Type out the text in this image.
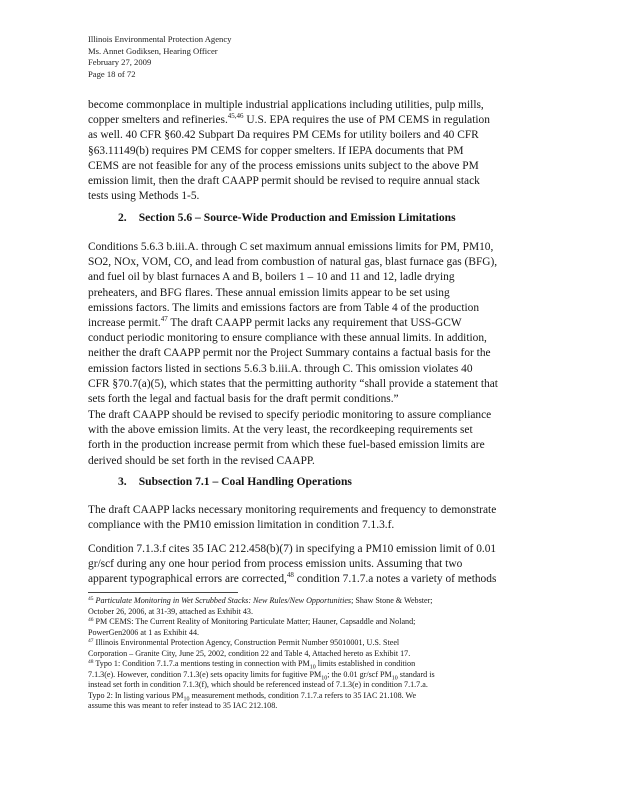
Illinois Environmental Protection Agency
Ms. Annet Godiksen, Hearing Officer
February 27, 2009
Page 18 of 72
become commonplace in multiple industrial applications including utilities, pulp mills,
copper smelters and refineries.$^{45,46}$ U.S. EPA requires the use of PM CEMS in regulation
as well. 40 CFR §60.42 Subpart Da requires PM CEMs for utility boilers and 40 CFR
§63.11149(b) requires PM CEMS for copper smelters. If IEPA documents that PM
CEMS are not feasible for any of the process emissions units subject to the above PM
emission limit, then the draft CAAPP permit should be revised to require annual stack
tests using Methods 1-5.
2. Section 5.6 – Source-Wide Production and Emission Limitations
Conditions 5.6.3 b.iii.A. through C set maximum annual emissions limits for PM, PM10,
SO2, NOx, VOM, CO, and lead from combustion of natural gas, blast furnace gas (BFG),
and fuel oil by blast furnaces A and B, boilers 1 – 10 and 11 and 12, ladle drying
preheaters, and BFG flares. These annual emission limits appear to be set using
emissions factors. The limits and emissions factors are from Table 4 of the production
increase permit.$^{47}$ The draft CAAPP permit lacks any requirement that USS-GCW
conduct periodic monitoring to ensure compliance with these annual limits. In addition,
neither the draft CAAPP permit nor the Project Summary contains a factual basis for the
emission factors listed in sections 5.6.3 b.iii.A. through C. This omission violates 40
CFR §70.7(a)(5), which states that the permitting authority “shall provide a statement that
sets forth the legal and factual basis for the draft permit conditions.”
The draft CAAPP should be revised to specify periodic monitoring to assure compliance
with the above emission limits. At the very least, the recordkeeping requirements set
forth in the production increase permit from which these fuel-based emission limits are
derived should be set forth in the revised CAAPP.
3. Subsection 7.1 – Coal Handling Operations
The draft CAAPP lacks necessary monitoring requirements and frequency to demonstrate
compliance with the PM10 emission limitation in condition 7.1.3.f.
Condition 7.1.3.f cites 35 IAC 212.458(b)(7) in specifying a PM10 emission limit of 0.01
gr/scf during any one hour period from process emission units. Assuming that two
apparent typographical errors are corrected,$^{48}$ condition 7.1.7.a notes a variety of methods
$^{45}$ Particulate Monitoring in Wet Scrubbed Stacks: New Rules/New Opportunities; Shaw Stone & Webster;
October 26, 2006, at 31-39, attached as Exhibit 43.
$^{46}$ PM CEMS: The Current Reality of Monitoring Particulate Matter; Hauner, Capsaddle and Noland;
PowerGen2006 at 1 as Exhibit 44.
$^{47}$ Illinois Environmental Protection Agency, Construction Permit Number 95010001, U.S. Steel
Corporation – Granite City, June 25, 2002, condition 22 and Table 4, Attached hereto as Exhibit 17.
$^{48}$ Typo 1: Condition 7.1.7.a mentions testing in connection with $PM_{10}$ limits established in condition
7.1.3(e). However, condition 7.1.3(e) sets opacity limits for fugitive $PM_{10}$; the 0.01 gr/scf $PM_{10}$ standard is
instead set forth in condition 7.1.3(f), which should be referenced instead of 7.1.3(e) in condition 7.1.7.a.
Typo 2: In listing various $PM_{10}$ measurement methods, condition 7.1.7.a refers to 35 IAC 21.108. We
assume this was meant to refer instead to 35 IAC 212.108.
